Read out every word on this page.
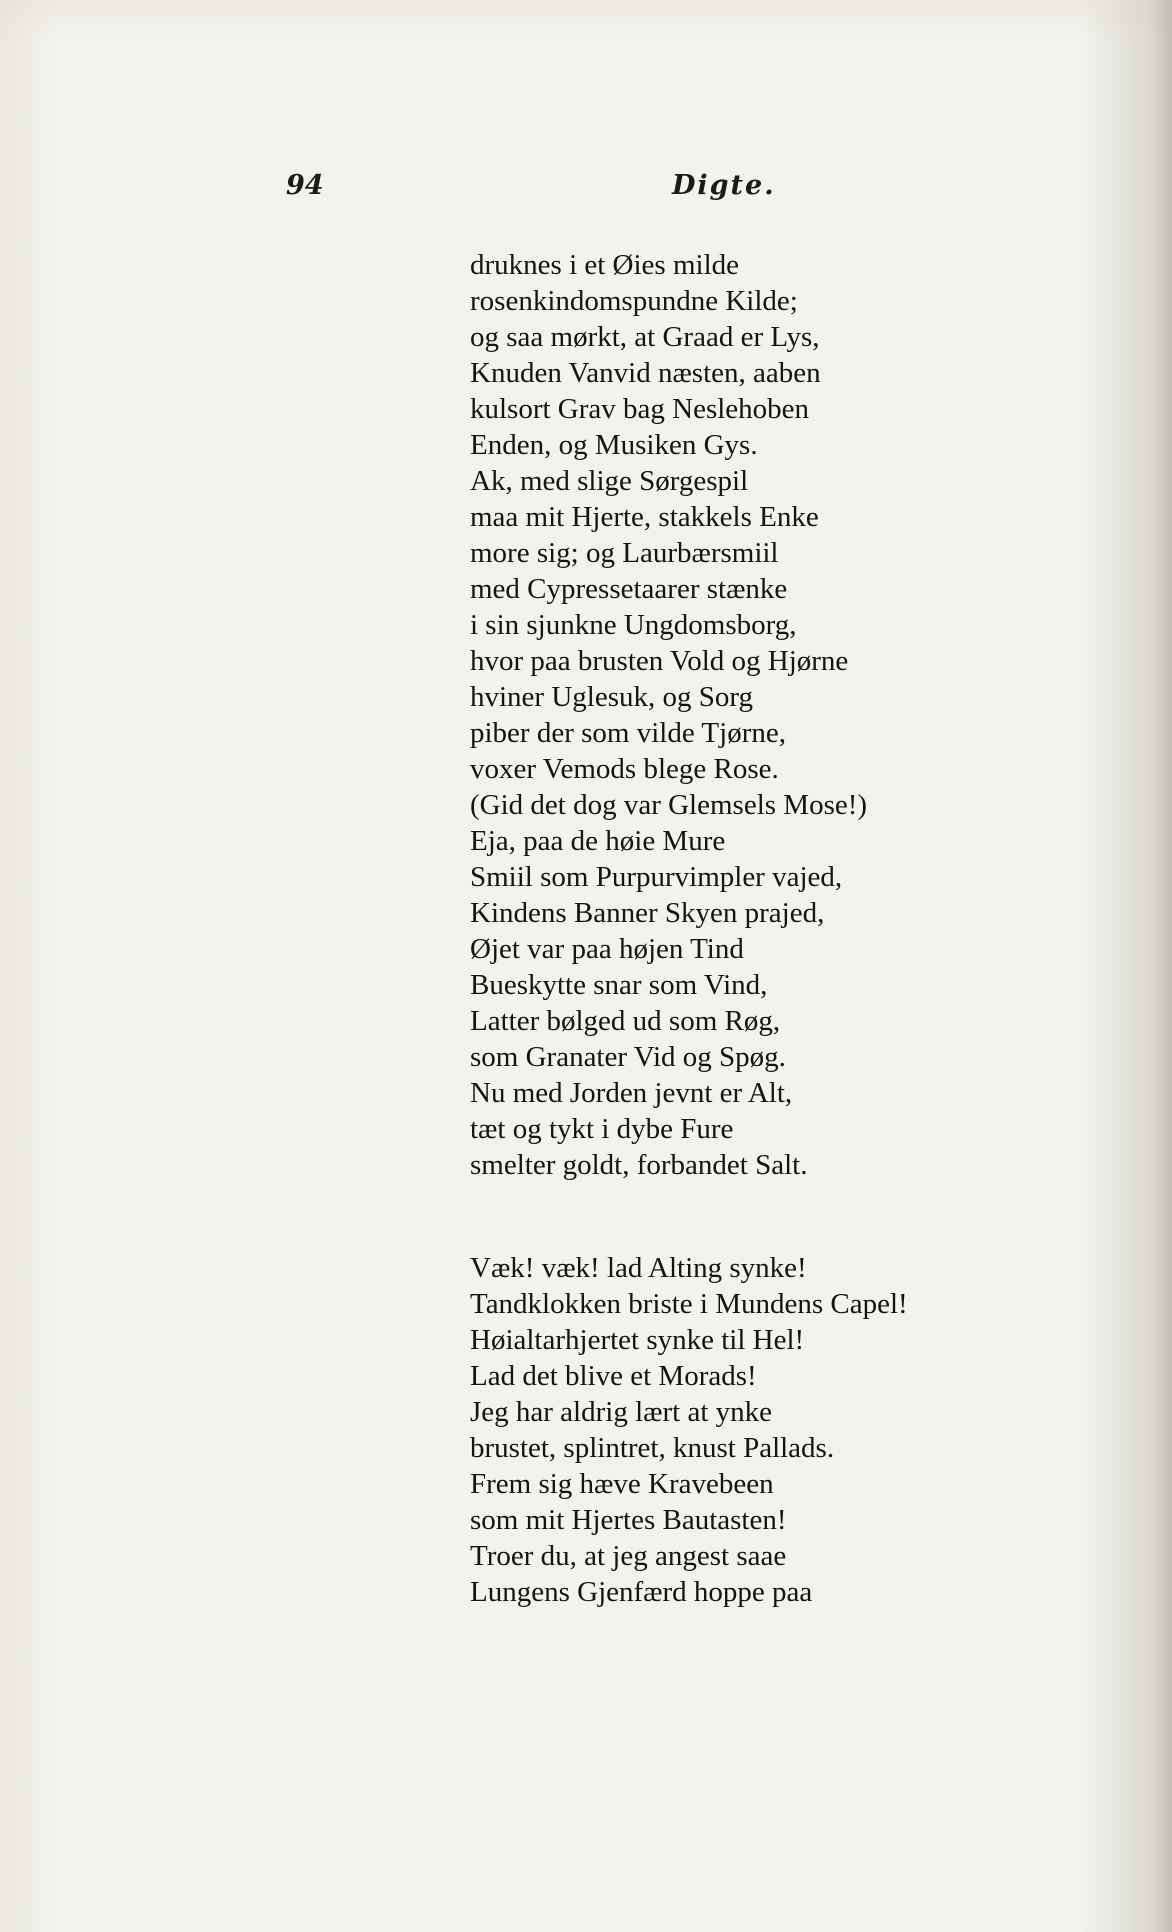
94	Digte.
druknes i et Øies milde
rosenkindomspundne Kilde;
og saa mørkt, at Graad er Lys,
Knuden Vanvid næsten, aaben
kulsort Grav bag Neslehoben
Enden, og Musiken Gys.
Ak, med slige Sørgespil
maa mit Hjerte, stakkels Enke
more sig; og Laurbærsmiil
med Cypressetaarer stænke
i sin sjunkne Ungdomsborg,
hvor paa brusten Vold og Hjørne
hviner Uglesuk, og Sorg
piber der som vilde Tjørne,
voxer Vemods blege Rose.
(Gid det dog var Glemsels Mose!)
Eja, paa de høie Mure
Smiil som Purpurvimpler vajed,
Kindens Banner Skyen prajed,
Øjet var paa højen Tind
Bueskytte snar som Vind,
Latter bølged ud som Røg,
som Granater Vid og Spøg.
Nu med Jorden jevnt er Alt,
tæt og tykt i dybe Fure
smelter goldt, forbandet Salt.
Væk! væk! lad Alting synke!
Tandklokken briste i Mundens Capel!
Høialtarhjertet synke til Hel!
Lad det blive et Morads!
Jeg har aldrig lært at ynke
brustet, splintret, knust Pallads.
Frem sig hæve Kravebeen
som mit Hjertes Bautasten!
Troer du, at jeg angest saae
Lungens Gjenfærd hoppe paa
